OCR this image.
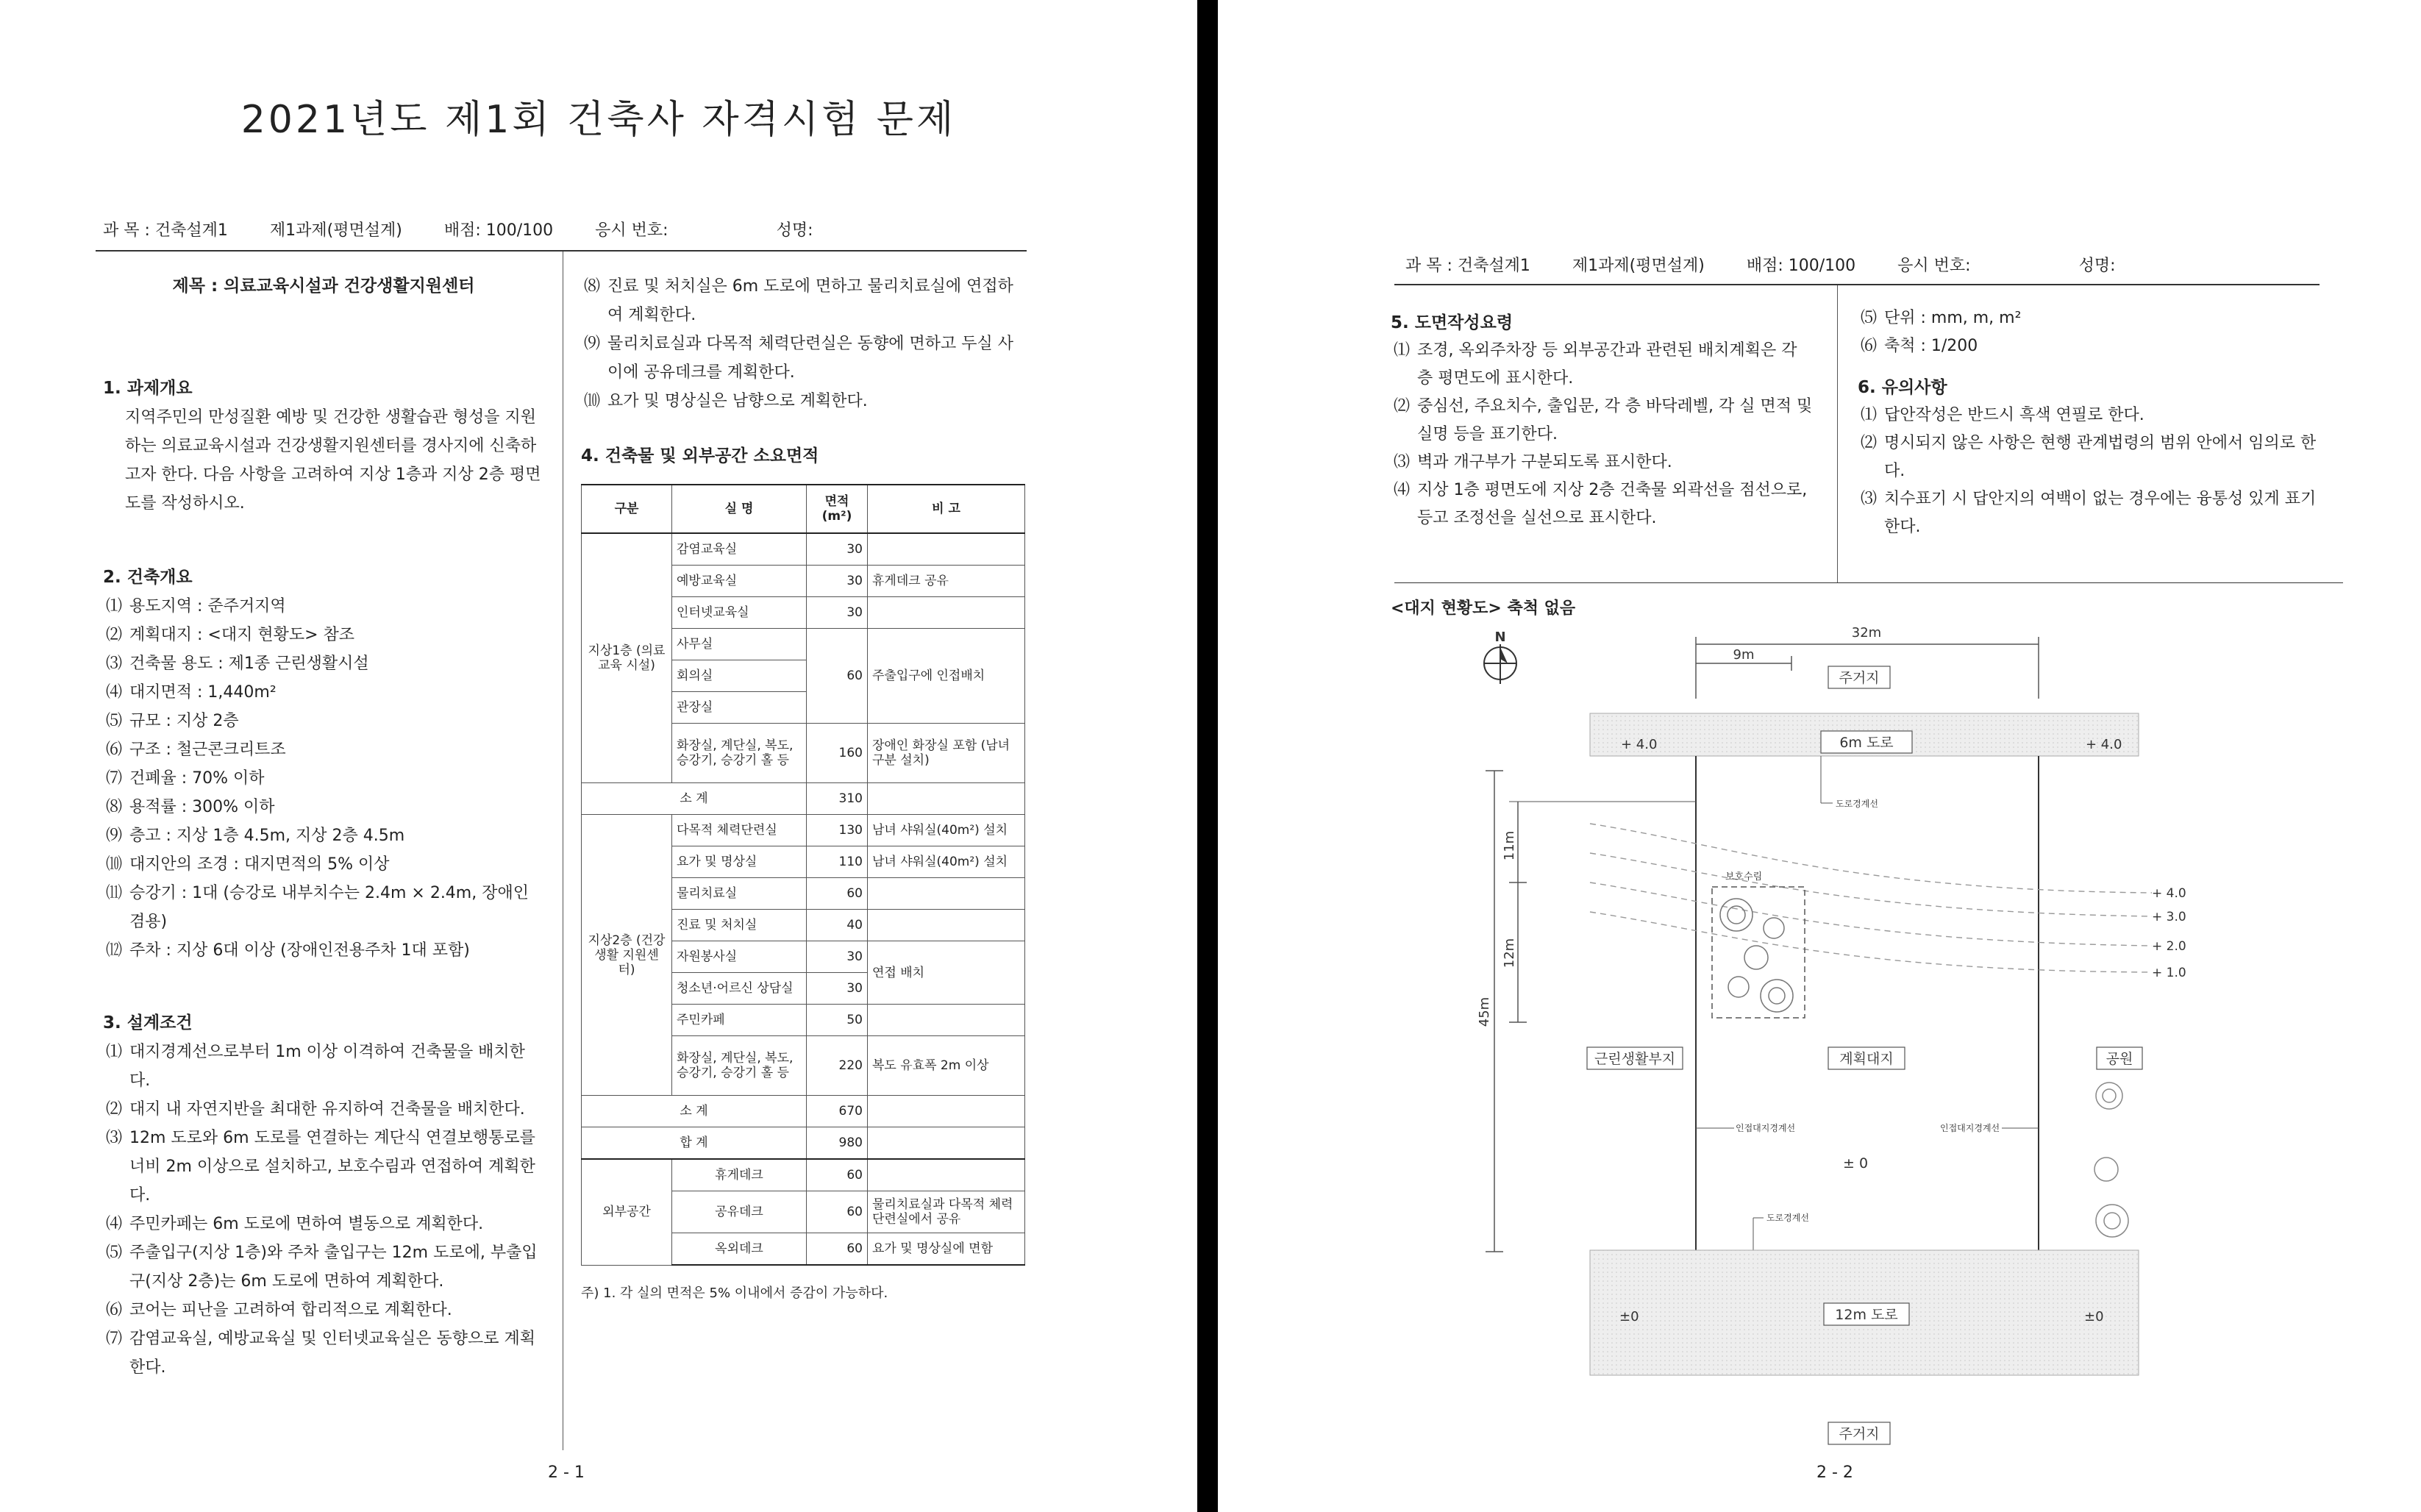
2021년도 제1회 건축사 자격시험 문제
과 목 : 건축설계1	제1과제(평면설계)	배점: 100/100	응시 번호:	성명:
제목 : 의료교육시설과 건강생활지원센터
1. 과제개요
지역주민의 만성질환 예방 및 건강한 생활습관 형성을 지원하는 의료교육시설과 건강생활지원센터를 경사지에 신축하고자 한다. 다음 사항을 고려하여 지상 1층과 지상 2층 평면도를 작성하시오.
2. 건축개요
⑴ 용도지역 : 준주거지역
⑵ 계획대지 : <대지 현황도> 참조
⑶ 건축물 용도 : 제1종 근린생활시설
⑷ 대지면적 : 1,440m²
⑸ 규모 : 지상 2층
⑹ 구조 : 철근콘크리트조
⑺ 건폐율 : 70% 이하
⑻ 용적률 : 300% 이하
⑼ 층고 : 지상 1층 4.5m, 지상 2층 4.5m
⑽ 대지안의 조경 : 대지면적의 5% 이상
⑾ 승강기 : 1대 (승강로 내부치수는 2.4m × 2.4m, 장애인 겸용)
⑿ 주차 : 지상 6대 이상 (장애인전용주차 1대 포함)
3. 설계조건
⑴ 대지경계선으로부터 1m 이상 이격하여 건축물을 배치한다.
⑵ 대지 내 자연지반을 최대한 유지하여 건축물을 배치한다.
⑶ 12m 도로와 6m 도로를 연결하는 계단식 연결보행통로를 너비 2m 이상으로 설치하고, 보호수림과 연접하여 계획한다.
⑷ 주민카페는 6m 도로에 면하여 별동으로 계획한다.
⑸ 주출입구(지상 1층)와 주차 출입구는 12m 도로에, 부출입구(지상 2층)는 6m 도로에 면하여 계획한다.
⑹ 코어는 피난을 고려하여 합리적으로 계획한다.
⑺ 감염교육실, 예방교육실 및 인터넷교육실은 동향으로 계획한다.
⑻ 진료 및 처치실은 6m 도로에 면하고 물리치료실에 연접하여 계획한다.
⑼ 물리치료실과 다목적 체력단련실은 동향에 면하고 두실 사이에 공유데크를 계획한다.
⑽ 요가 및 명상실은 남향으로 계획한다.
4. 건축물 및 외부공간 소요면적
구분	실 명	면적 (m²)	비 고
지상1층 (의료교육 시설)	감염교육실	30	
	예방교육실	30	휴게데크 공유
	인터넷교육실	30	
	사무실	60	주출입구에 인접배치
	회의실		
	관장실		
	화장실, 계단실, 복도, 승강기, 승강기 홀 등	160	장애인 화장실 포함 (남녀 구분 설치)
소 계		310	
지상2층 (건강생활 지원센터)	다목적 체력단련실	130	남녀 샤워실(40m²) 설치
	요가 및 명상실	110	남녀 샤워실(40m²) 설치
	물리치료실	60	
	진료 및 처치실	40	
	자원봉사실	30	연접 배치
	청소년·어르신 상담실	30	
	주민카페	50	
	화장실, 계단실, 복도, 승강기, 승강기 홀 등	220	복도 유효폭 2m 이상
소 계		670	
합 계		980	
외부공간	휴게데크	60	
	공유데크	60	물리치료실과 다목적 체력단련실에서 공유
	옥외데크	60	요가 및 명상실에 면함
주) 1. 각 실의 면적은 5% 이내에서 증감이 가능하다.
2 - 1
과 목 : 건축설계1	제1과제(평면설계)	배점: 100/100	응시 번호:	성명:
5. 도면작성요령
⑴ 조경, 옥외주차장 등 외부공간과 관련된 배치계획은 각 층 평면도에 표시한다.
⑵ 중심선, 주요치수, 출입문, 각 층 바닥레벨, 각 실 면적 및 실명 등을 표기한다.
⑶ 벽과 개구부가 구분되도록 표시한다.
⑷ 지상 1층 평면도에 지상 2층 건축물 외곽선을 점선으로, 등고 조정선을 실선으로 표시한다.
⑸ 단위 : mm, m, m²
⑹ 축척 : 1/200
6. 유의사항
⑴ 답안작성은 반드시 흑색 연필로 한다.
⑵ 명시되지 않은 사항은 현행 관계법령의 범위 안에서 임의로 한다.
⑶ 치수표기 시 답안지의 여백이 없는 경우에는 융통성 있게 표기한다.
<대지 현황도> 축척 없음
N	32m
9m
주거지
6m 도로
+ 4.0	+ 4.0
도로경계선
11m
12m
45m
+ 4.0
+ 3.0
+ 2.0
+ 1.0
보호수림
근린생활부지	계획대지	공원
인접대지경계선	인접대지경계선
± 0
도로경계선
12m 도로
±0	±0
주거지
2 - 2
